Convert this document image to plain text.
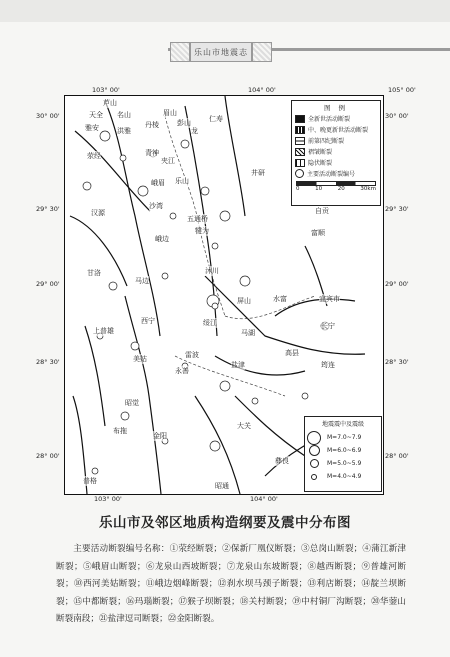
乐山市地震志
芦山
天全 名山
雅安	洪雅
丹棱
眉山
彭山
荥经	青神
仁寿
龙
夹江
乐山
井研
峨眉
汉源
沙湾
五通桥
犍为
自贡
富顺
峨边
甘洛	沐川
马边
屏山	宜宾市
西宁	绥江
水富
长宁
上普雄	马湖
雷波	高县
美姑
永善
盐津	筠连
昭觉
布拖
金阳
大关
彝良
普格
昭通
图 例
全新世活动断裂
中、晚更新世活动断裂
前第四纪断裂
褶皱断裂
隐伏断裂
主要活动断裂编号
0	10	20	30km
地震震中及震级
M=7.0~7.9
M=6.0~6.9
M=5.0~5.9
M=4.0~4.9
103° 00'	104° 00'	105° 00'
103° 00'	104° 00'
30° 00'
29° 30'
29° 00'
28° 30'
28° 00'
30° 00'
29° 30'
29° 00'
28° 30'
28° 00'
乐山市及邻区地质构造纲要及震中分布图
主要活动断裂编号名称：①荥经断裂；②保新厂凰仪断裂；③总岗山断裂；④蒲江新津断裂；⑤峨眉山断裂；⑥龙泉山西坡断裂；⑦龙泉山东坡断裂；⑧越西断裂；⑨普雄河断裂；⑩西河美姑断裂；⑪峨边烟峰断裂；⑫刹水坝马颈子断裂；⑬利店断裂；⑭靛兰坝断裂；⑮中都断裂；⑯玛瑙断裂；⑰猴子坝断裂；⑱关村断裂；⑲中村铜厂沟断裂；⑳华蓥山断裂南段；㉑盐津逗司断裂；㉒金阳断裂。
